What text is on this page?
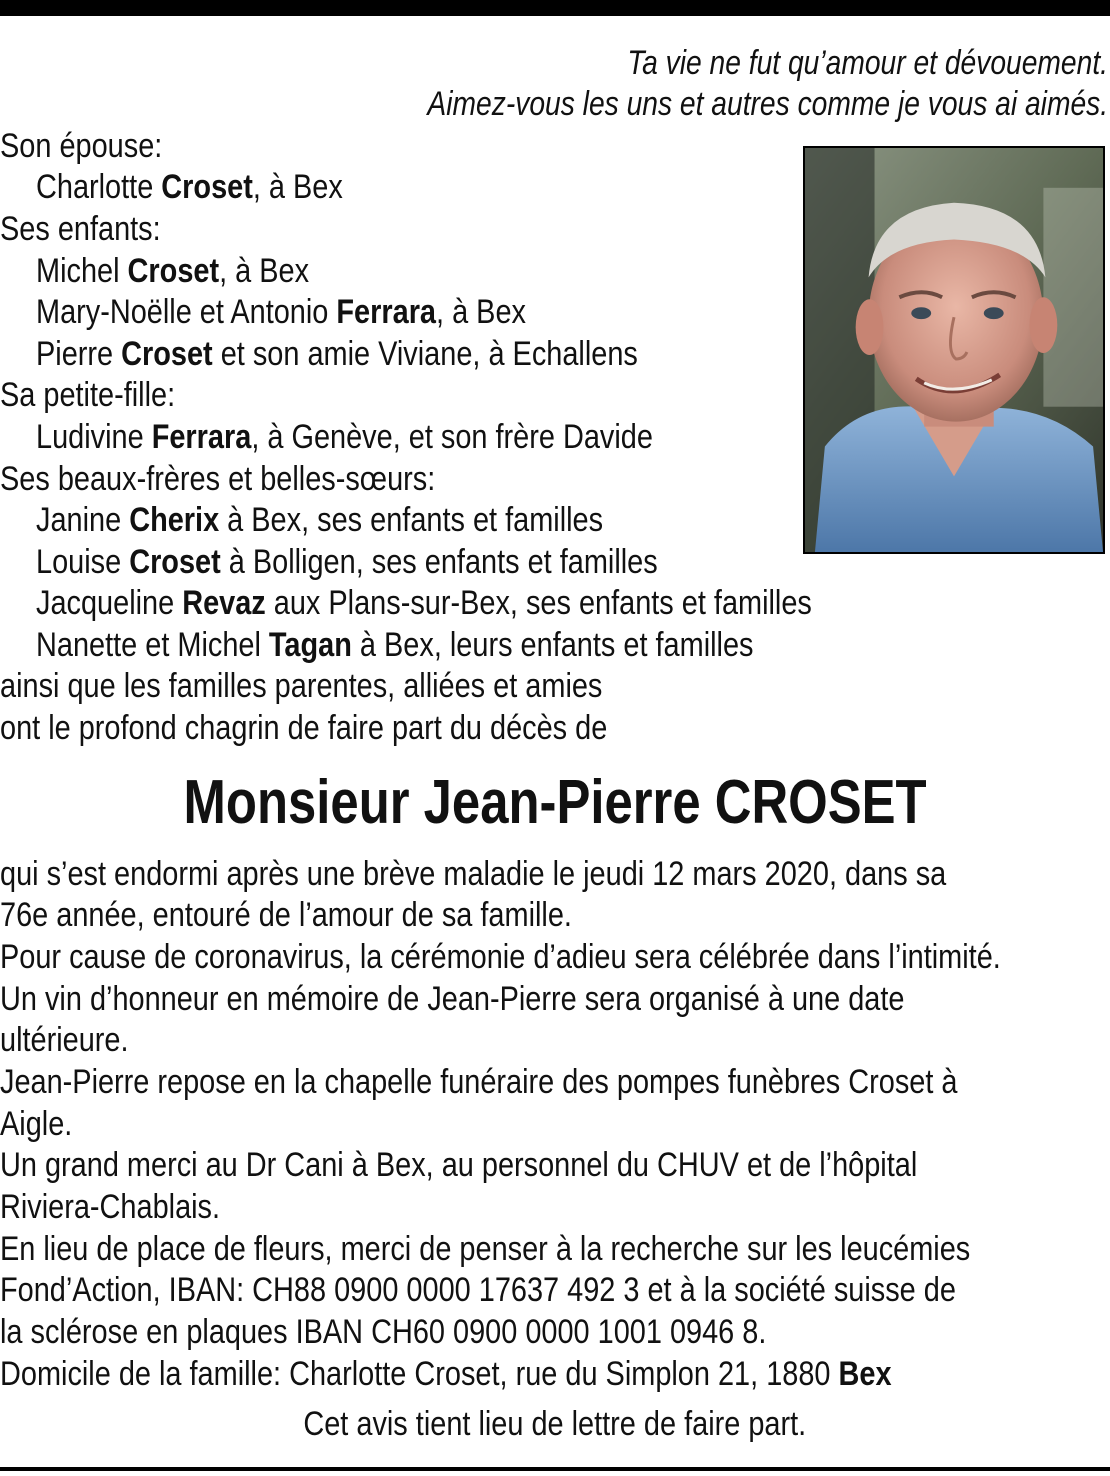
Ta vie ne fut qu’amour et dévouement.
Aimez-vous les uns et autres comme je vous ai aimés.
Son épouse:
Charlotte Croset, à Bex
Ses enfants:
Michel Croset, à Bex
Mary-Noëlle et Antonio Ferrara, à Bex
Pierre Croset et son amie Viviane, à Echallens
Sa petite-fille:
Ludivine Ferrara, à Genève, et son frère Davide
Ses beaux-frères et belles-sœurs:
Janine Cherix à Bex, ses enfants et familles
Louise Croset à Bolligen, ses enfants et familles
Jacqueline Revaz aux Plans-sur-Bex, ses enfants et familles
Nanette et Michel Tagan à Bex, leurs enfants et familles
ainsi que les familles parentes, alliées et amies
ont le profond chagrin de faire part du décès de
Monsieur Jean-Pierre CROSET
qui s’est endormi après une brève maladie le jeudi 12 mars 2020, dans sa
76e année, entouré de l’amour de sa famille.
Pour cause de coronavirus, la cérémonie d’adieu sera célébrée dans l’intimité.
Un vin d’honneur en mémoire de Jean-Pierre sera organisé à une date
ultérieure.
Jean-Pierre repose en la chapelle funéraire des pompes funèbres Croset à
Aigle.
Un grand merci au Dr Cani à Bex, au personnel du CHUV et de l’hôpital
Riviera-Chablais.
En lieu de place de fleurs, merci de penser à la recherche sur les leucémies
Fond’Action, IBAN: CH88 0900 0000 17637 492 3 et à la société suisse de
la sclérose en plaques IBAN CH60 0900 0000 1001 0946 8.
Domicile de la famille: Charlotte Croset, rue du Simplon 21, 1880 Bex
Cet avis tient lieu de lettre de faire part.
